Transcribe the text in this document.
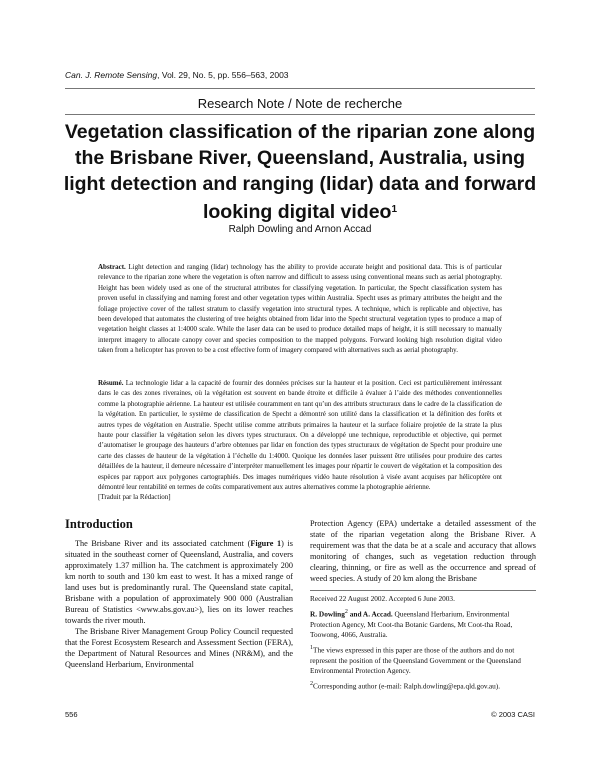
Can. J. Remote Sensing, Vol. 29, No. 5, pp. 556–563, 2003
Research Note / Note de recherche
Vegetation classification of the riparian zone along the Brisbane River, Queensland, Australia, using light detection and ranging (lidar) data and forward looking digital video$^1$
Ralph Dowling and Arnon Accad
Abstract. Light detection and ranging (lidar) technology has the ability to provide accurate height and positional data. This is of particular relevance to the riparian zone where the vegetation is often narrow and difficult to assess using conventional means such as aerial photography. Height has been widely used as one of the structural attributes for classifying vegetation. In particular, the Specht classification system has proven useful in classifying and naming forest and other vegetation types within Australia. Specht uses as primary attributes the height and the foliage projective cover of the tallest stratum to classify vegetation into structural types. A technique, which is replicable and objective, has been developed that automates the clustering of tree heights obtained from lidar into the Specht structural vegetation types to produce a map of vegetation height classes at 1:4000 scale. While the laser data can be used to produce detailed maps of height, it is still necessary to manually interpret imagery to allocate canopy cover and species composition to the mapped polygons. Forward looking high resolution digital video taken from a helicopter has proven to be a cost effective form of imagery compared with alternatives such as aerial photography.
Résumé. La technologie lidar a la capacité de fournir des données précises sur la hauteur et la position. Ceci est particulièrement intéressant dans le cas des zones riveraines, où la végétation est souvent en bande étroite et difficile à évaluer à l’aide des méthodes conventionnelles comme la photographie aérienne. La hauteur est utilisée couramment en tant qu’un des attributs structuraux dans le cadre de la classification de la végétation. En particulier, le système de classification de Specht a démontré son utilité dans la classification et la définition des forêts et autres types de végétation en Australie. Specht utilise comme attributs primaires la hauteur et la surface foliaire projetée de la strate la plus haute pour classifier la végétation selon les divers types structuraux. On a développé une technique, reproductible et objective, qui permet d’automatiser le groupage des hauteurs d’arbre obtenues par lidar en fonction des types structuraux de végétation de Specht pour produire une carte des classes de hauteur de la végétation à l’échelle du 1:4000. Quoique les données laser puissent être utilisées pour produire des cartes détaillées de la hauteur, il demeure nécessaire d’interpréter manuellement les images pour répartir le couvert de végétation et la composition des espèces par rapport aux polygones cartographiés. Des images numériques vidéo haute résolution à visée avant acquises par hélicoptère ont démontré leur rentabilité en termes de coûts comparativement aux autres alternatives comme la photographie aérienne.
[Traduit par la Rédaction]
Introduction

The Brisbane River and its associated catchment (Figure 1) is situated in the southeast corner of Queensland, Australia, and covers approximately 1.37 million ha. The catchment is approximately 200 km north to south and 130 km east to west. It has a mixed range of land uses but is predominantly rural. The Queensland state capital, Brisbane with a population of approximately 900 000 (Australian Bureau of Statistics <www.abs.gov.au>), lies on its lower reaches towards the river mouth.

The Brisbane River Management Group Policy Council requested that the Forest Ecosystem Research and Assessment Section (FERA), the Department of Natural Resources and Mines (NR&M), and the Queensland Herbarium, Environmental

Protection Agency (EPA) undertake a detailed assessment of the state of the riparian vegetation along the Brisbane River. A requirement was that the data be at a scale and accuracy that allows monitoring of changes, such as vegetation reduction through clearing, thinning, or fire as well as the occurrence and spread of weed species. A study of 20 km along the Brisbane

Received 22 August 2002. Accepted 6 June 2003.

R. Dowling$^2$ and A. Accad. Queensland Herbarium, Environmental Protection Agency, Mt Coot-tha Botanic Gardens, Mt Coot-tha Road, Toowong, 4066, Australia.

$^1$The views expressed in this paper are those of the authors and do not represent the position of the Queensland Government or the Queensland Environmental Protection Agency.

$^2$Corresponding author (e-mail: Ralph.dowling@epa.qld.gov.au).

556	© 2003 CASI
